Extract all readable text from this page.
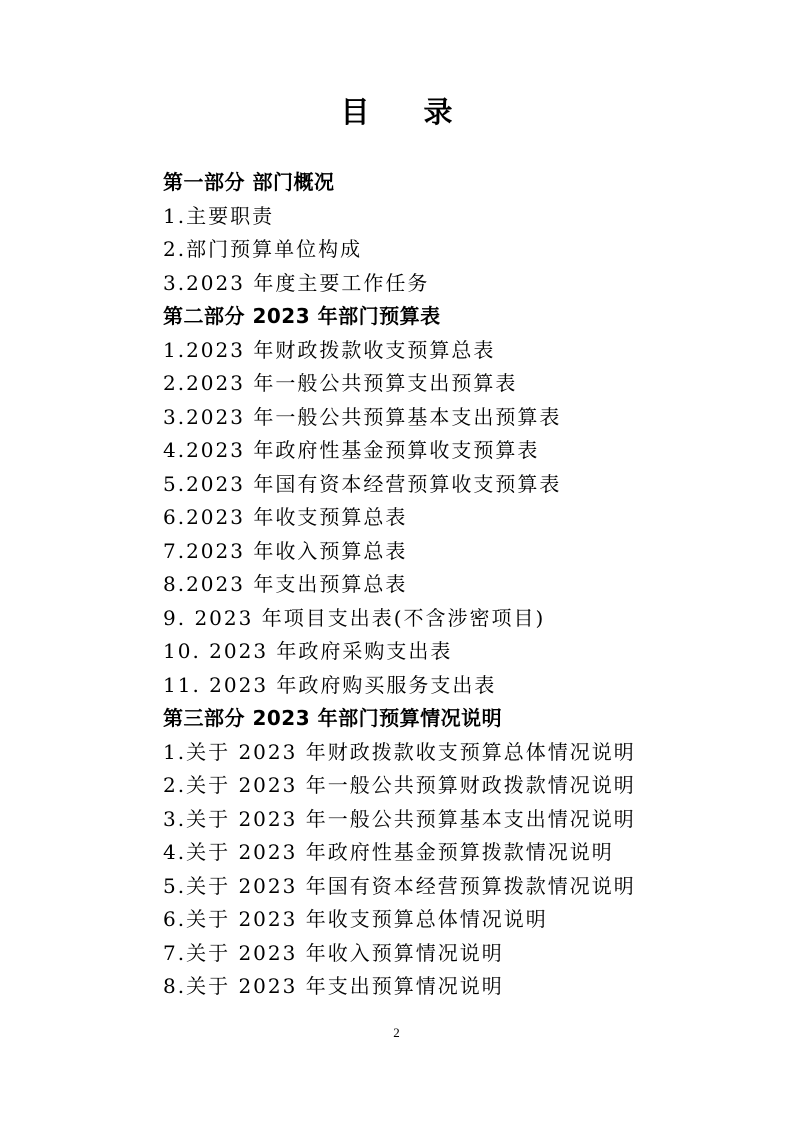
目 录
第一部分 部门概况
1.主要职责
2.部门预算单位构成
3.2023 年度主要工作任务
第二部分 2023 年部门预算表
1.2023 年财政拨款收支预算总表
2.2023 年一般公共预算支出预算表
3.2023 年一般公共预算基本支出预算表
4.2023 年政府性基金预算收支预算表
5.2023 年国有资本经营预算收支预算表
6.2023 年收支预算总表
7.2023 年收入预算总表
8.2023 年支出预算总表
9. 2023 年项目支出表(不含涉密项目)
10. 2023 年政府采购支出表
11. 2023 年政府购买服务支出表
第三部分 2023 年部门预算情况说明
1.关于 2023 年财政拨款收支预算总体情况说明
2.关于 2023 年一般公共预算财政拨款情况说明
3.关于 2023 年一般公共预算基本支出情况说明
4.关于 2023 年政府性基金预算拨款情况说明
5.关于 2023 年国有资本经营预算拨款情况说明
6.关于 2023 年收支预算总体情况说明
7.关于 2023 年收入预算情况说明
8.关于 2023 年支出预算情况说明
2
